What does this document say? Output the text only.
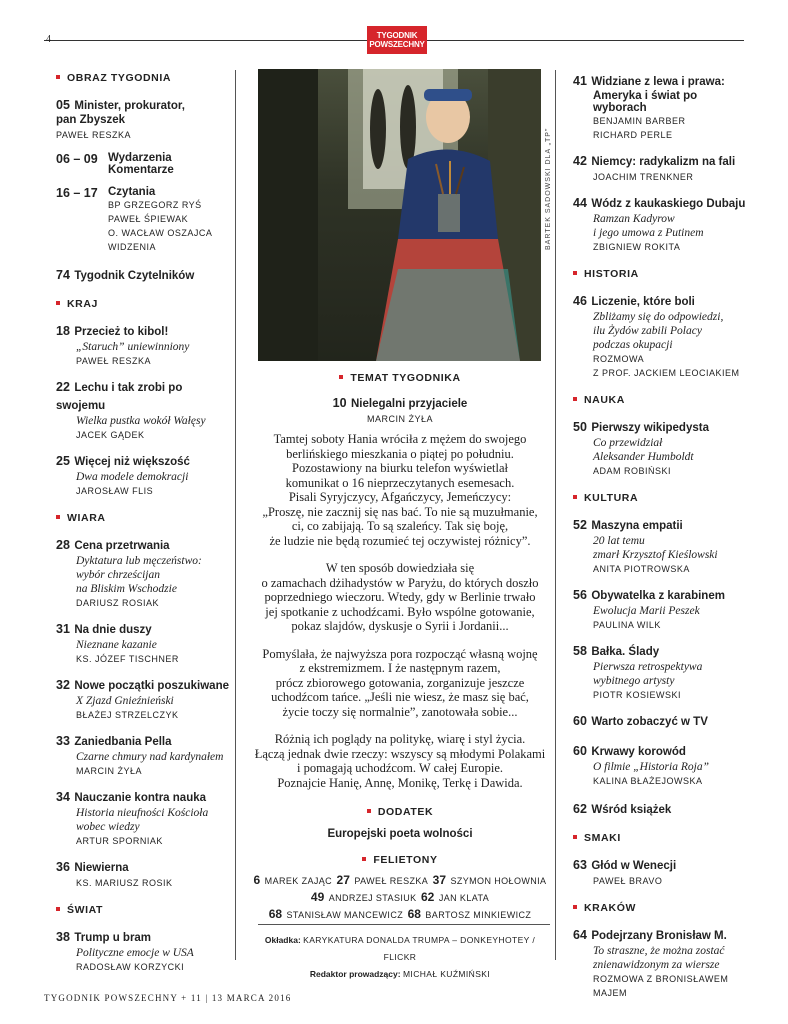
4	TYGODNIK
POWSZECHNY
OBRAZ TYGODNIA
05 Minister, prokurator,
pan Zbyszek
PAWEŁ RESZKA
06 – 09 Wydarzenia
Komentarze
16 – 17 Czytania
BP GRZEGORZ RYŚ
PAWEŁ ŚPIEWAK
O. WACŁAW OSZAJCA
WIDZENIA
74 Tygodnik Czytelników
KRAJ
18 Przecież to kibol!
„Staruch” uniewinniony
PAWEŁ RESZKA
22 Lechu i tak zrobi po swojemu
Wielka pustka wokół Wałęsy
JACEK GĄDEK
25 Więcej niż większość
Dwa modele demokracji
JAROSŁAW FLIS
WIARA
28 Cena przetrwania
Dyktatura lub męczeństwo:
wybór chrześcijan
na Bliskim Wschodzie
DARIUSZ ROSIAK
31 Na dnie duszy
Nieznane kazanie
KS. JÓZEF TISCHNER
32 Nowe początki poszukiwane
X Zjazd Gnieźnieński
BŁAŻEJ STRZELCZYK
33 Zaniedbania Pella
Czarne chmury nad kardynałem
MARCIN ŻYŁA
34 Nauczanie kontra nauka
Historia nieufności Kościoła
wobec wiedzy
ARTUR SPORNIAK
36 Niewierna
KS. MARIUSZ ROSIK
ŚWIAT
38 Trump u bram
Polityczne emocje w USA
RADOSŁAW KORZYCKI
BARTEK SADOWSKI DLA „TP”
TEMAT TYGODNIKA
10 Nielegalni przyjaciele
MARCIN ŻYŁA
Tamtej soboty Hania wróciła z mężem do swojego
berlińskiego mieszkania o piątej po południu.
Pozostawiony na biurku telefon wyświetlał
komunikat o 16 nieprzeczytanych esemesach.
Pisali Syryjczycy, Afgańczycy, Jemeńczycy:
„Proszę, nie zacznij się nas bać. To nie są muzułmanie,
ci, co zabijają. To są szaleńcy. Tak się boję,
że ludzie nie będą rozumieć tej oczywistej różnicy”.
W ten sposób dowiedziała się
o zamachach dżihadystów w Paryżu, do których doszło
poprzedniego wieczoru. Wtedy, gdy w Berlinie trwało
jej spotkanie z uchodźcami. Było wspólne gotowanie,
pokaz slajdów, dyskusje o Syrii i Jordanii...
Pomyślała, że najwyższa pora rozpocząć własną wojnę
z ekstremizmem. I że następnym razem,
prócz zbiorowego gotowania, zorganizuje jeszcze
uchodźcom tańce. „Jeśli nie wiesz, że masz się bać,
życie toczy się normalnie”, zanotowała sobie...
Różnią ich poglądy na politykę, wiarę i styl życia.
Łączą jednak dwie rzeczy: wszyscy są młodymi Polakami
i pomagają uchodźcom. W całej Europie.
Poznajcie Hanię, Annę, Monikę, Terkę i Dawida.
DODATEK
Europejski poeta wolności
FELIETONY
6 MAREK ZAJĄC 27 PAWEŁ RESZKA 37 SZYMON HOŁOWNIA
49 ANDRZEJ STASIUK 62 JAN KLATA
68 STANISŁAW MANCEWICZ 68 BARTOSZ MINKIEWICZ
Okładka: KARYKATURA DONALDA TRUMPA – DONKEYHOTEY / FLICKR
Redaktor prowadzący: MICHAŁ KUŹMIŃSKI
41 Widziane z lewa i prawa:
Ameryka i świat po wyborach
BENJAMIN BARBER
RICHARD PERLE
42 Niemcy: radykalizm na fali
JOACHIM TRENKNER
44 Wódz z kaukaskiego Dubaju
Ramzan Kadyrow
i jego umowa z Putinem
ZBIGNIEW ROKITA
HISTORIA
46 Liczenie, które boli
Zbliżamy się do odpowiedzi,
ilu Żydów zabili Polacy
podczas okupacji
ROZMOWA
Z PROF. JACKIEM LEOCIAKIEM
NAUKA
50 Pierwszy wikipedysta
Co przewidział
Aleksander Humboldt
ADAM ROBIŃSKI
KULTURA
52 Maszyna empatii
20 lat temu
zmarł Krzysztof Kieślowski
ANITA PIOTROWSKA
56 Obywatelka z karabinem
Ewolucja Marii Peszek
PAULINA WILK
58 Bałka. Ślady
Pierwsza retrospektywa
wybitnego artysty
PIOTR KOSIEWSKI
60 Warto zobaczyć w TV
60 Krwawy korowód
O filmie „Historia Roja”
KALINA BŁAŻEJOWSKA
62 Wśród książek
SMAKI
63 Głód w Wenecji
PAWEŁ BRAVO
KRAKÓW
64 Podejrzany Bronisław M.
To straszne, że można zostać
znienawidzonym za wiersze
ROZMOWA Z BRONISŁAWEM MAJEM
TYGODNIK POWSZECHNY + 11 | 13 MARCA 2016
